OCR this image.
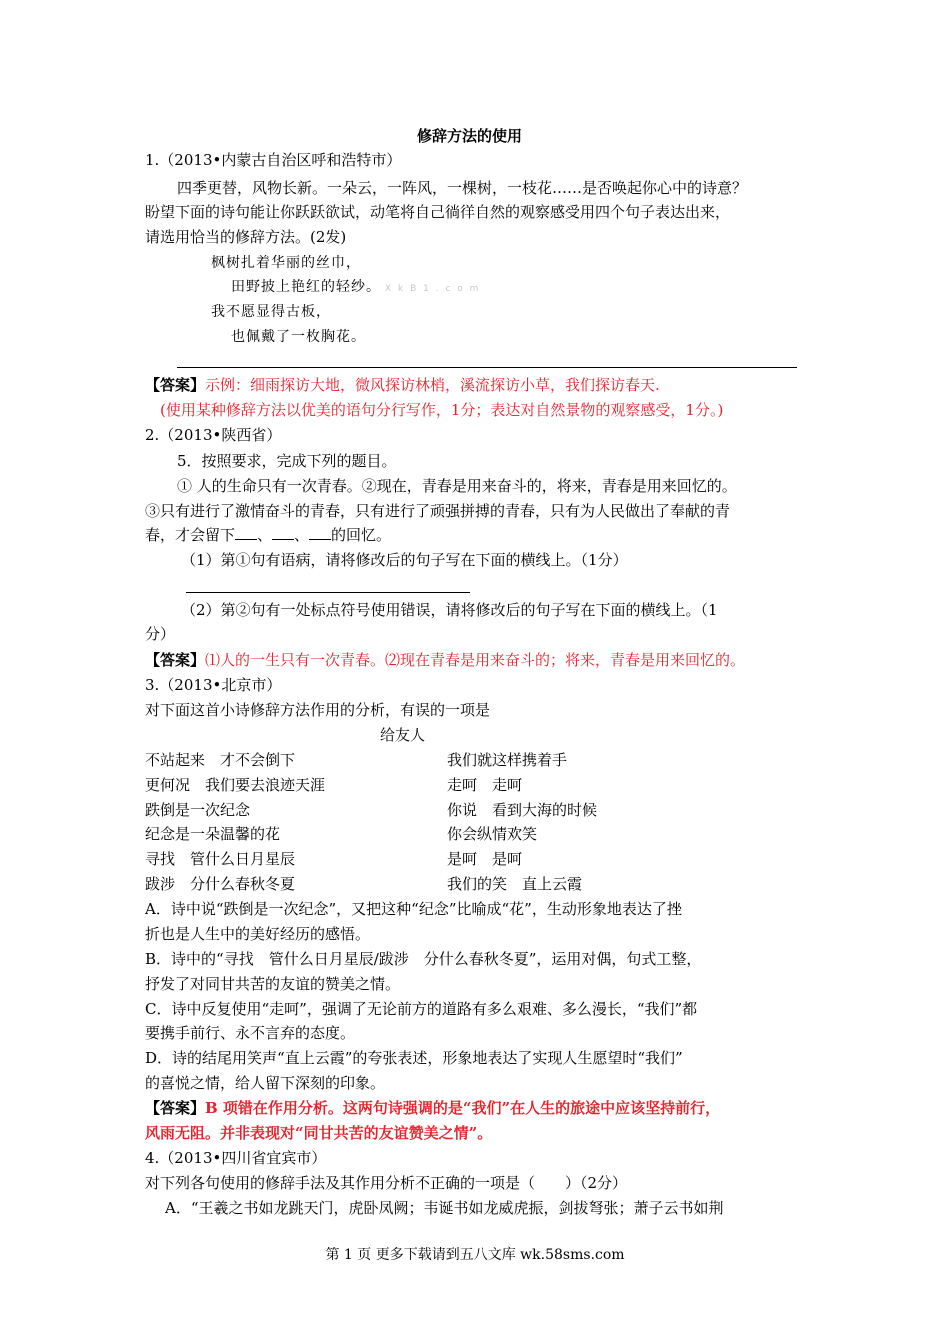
修辞方法的使用
1.（2013•内蒙古自治区呼和浩特市）
四季更替，风物长新。一朵云，一阵风，一棵树，一枝花……是否唤起你心中的诗意？
盼望下面的诗句能让你跃跃欲试，动笔将自己徜徉自然的观察感受用四个句子表达出来，
请选用恰当的修辞方法。(2发)
枫树扎着华丽的丝巾，
田野披上艳红的轻纱。 X k B 1 . c o m
我不愿显得古板，
也佩戴了一枚胸花。
【答案】示例：细雨探访大地，微风探访林梢，溪流探访小草，我们探访春天.
(使用某种修辞方法以优美的语句分行写作，1分；表达对自然景物的观察感受，1分。)
2.（2013•陕西省）
5．按照要求，完成下列的题目。
① 人的生命只有一次青春。②现在，青春是用来奋斗的，将来，青春是用来回忆的。
③只有进行了激情奋斗的青春，只有进行了顽强拼搏的青春，只有为人民做出了奉献的青
春，才会留下 、 、 的回忆。
（1）第①句有语病，请将修改后的句子写在下面的横线上。（1分）
（2）第②句有一处标点符号使用错误，请将修改后的句子写在下面的横线上。（1
分）
【答案】⑴人的一生只有一次青春。⑵现在青春是用来奋斗的；将来，青春是用来回忆的。
3.（2013•北京市）
对下面这首小诗修辞方法作用的分析，有误的一项是
给友人
不站起来　才不会倒下
更何况　我们要去浪迹天涯
跌倒是一次纪念
纪念是一朵温馨的花
寻找　管什么日月星辰
跋涉　分什么春秋冬夏
我们就这样携着手
走呵　走呵
你说　看到大海的时候
你会纵情欢笑
是呵　是呵
我们的笑　直上云霞
A．诗中说“跌倒是一次纪念”，又把这种“纪念”比喻成“花”，生动形象地表达了挫
折也是人生中的美好经历的感悟。
B．诗中的“寻找　管什么日月星辰/跋涉　分什么春秋冬夏”，运用对偶，句式工整，
抒发了对同甘共苦的友谊的赞美之情。
C．诗中反复使用“走呵”，强调了无论前方的道路有多么艰难、多么漫长，“我们”都
要携手前行、永不言弃的态度。
D．诗的结尾用笑声“直上云霞”的夸张表述，形象地表达了实现人生愿望时“我们”
的喜悦之情，给人留下深刻的印象。
【答案】B 项错在作用分析。这两句诗强调的是“我们”在人生的旅途中应该坚持前行，
风雨无阻。并非表现对“同甘共苦的友谊赞美之情”。
4.（2013•四川省宜宾市）
对下列各句使用的修辞手法及其作用分析不正确的一项是（　　）（2分）
A．“王羲之书如龙跳天门，虎卧凤阙；韦诞书如龙威虎振，剑拔弩张；萧子云书如荆
第 1 页 更多下载请到五八文库 wk.58sms.com
